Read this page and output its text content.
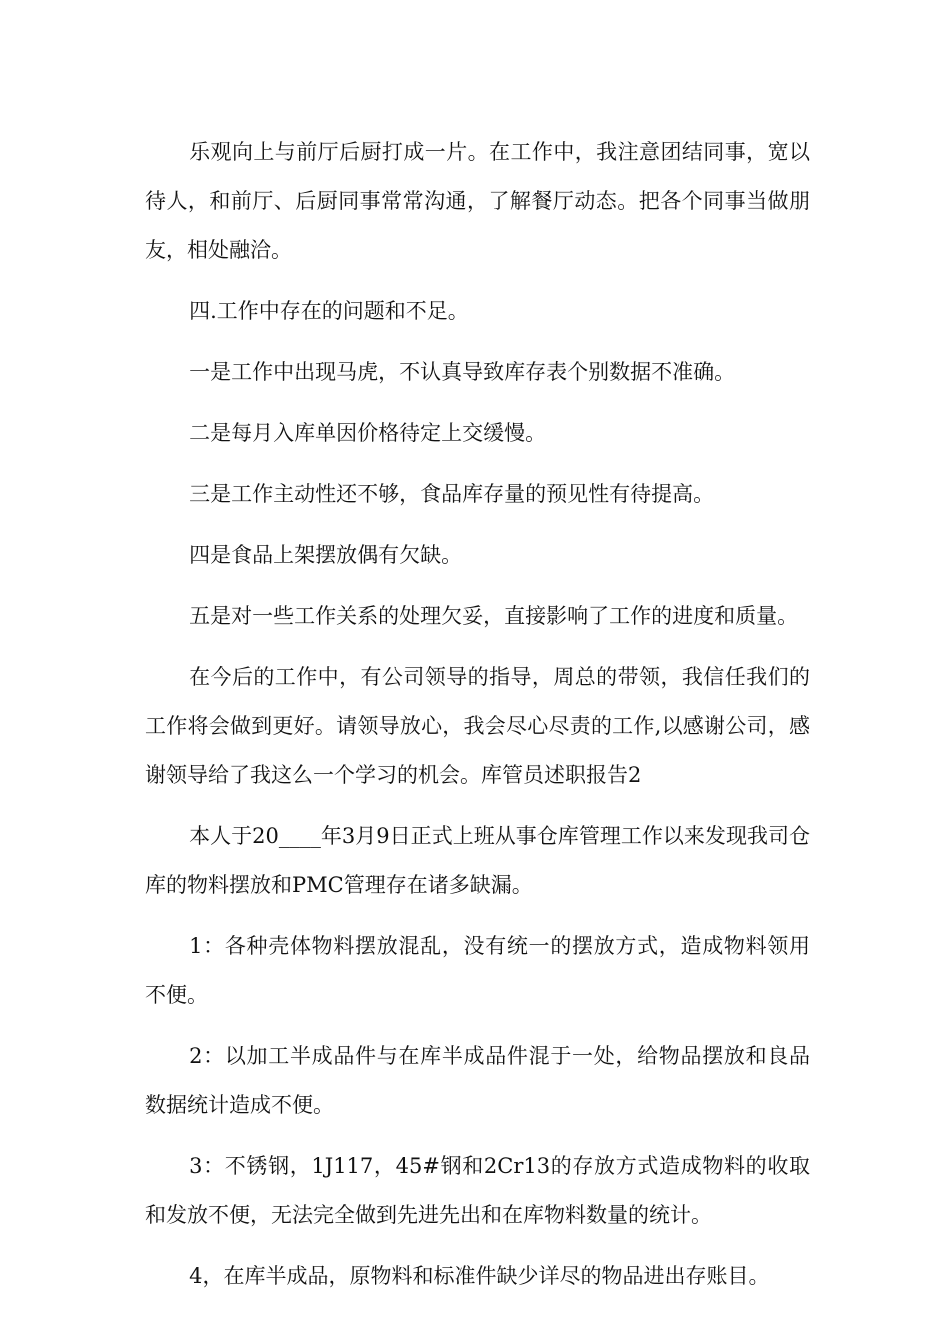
乐观向上与前厅后厨打成一片。在工作中，我注意团结同事，宽以待人，和前厅、后厨同事常常沟通，了解餐厅动态。把各个同事当做朋友，相处融洽。

四.工作中存在的问题和不足。

一是工作中出现马虎，不认真导致库存表个别数据不准确。

二是每月入库单因价格待定上交缓慢。

三是工作主动性还不够，食品库存量的预见性有待提高。

四是食品上架摆放偶有欠缺。

五是对一些工作关系的处理欠妥，直接影响了工作的进度和质量。

在今后的工作中，有公司领导的指导，周总的带领，我信任我们的工作将会做到更好。请领导放心，我会尽心尽责的工作,以感谢公司，感谢领导给了我这么一个学习的机会。库管员述职报告2

本人于20____年3月9日正式上班从事仓库管理工作以来发现我司仓库的物料摆放和PMC管理存在诸多缺漏。

1：各种壳体物料摆放混乱，没有统一的摆放方式，造成物料领用不便。

2：以加工半成品件与在库半成品件混于一处，给物品摆放和良品数据统计造成不便。

3：不锈钢，1J117，45#钢和2Cr13的存放方式造成物料的收取和发放不便，无法完全做到先进先出和在库物料数量的统计。

4，在库半成品，原物料和标准件缺少详尽的物品进出存账目。
